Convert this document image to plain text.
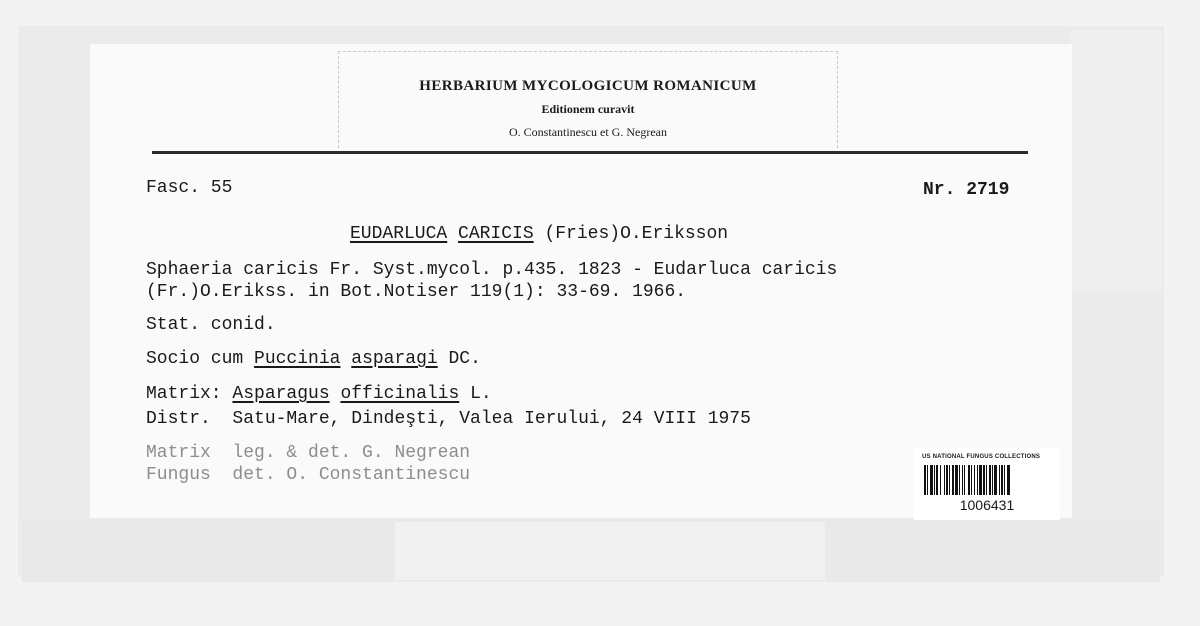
HERBARIUM MYCOLOGICUM ROMANICUM
Editionem curavit
O. Constantinescu et G. Negrean
Fasc. 55	Nr. 2719
EUDARLUCA CARICIS (Fries)O.Eriksson
Sphaeria caricis Fr. Syst.mycol. p.435. 1823 - Eudarluca caricis
(Fr.)O.Erikss. in Bot.Notiser 119(1): 33-69. 1966.
Stat. conid.
Socio cum Puccinia asparagi DC.
Matrix: Asparagus officinalis L.
Distr.  Satu-Mare, Dindeşti, Valea Ierului, 24 VIII 1975
Matrix  leg. & det. G. Negrean
Fungus  det. O. Constantinescu
US NATIONAL FUNGUS COLLECTIONS
1006431
